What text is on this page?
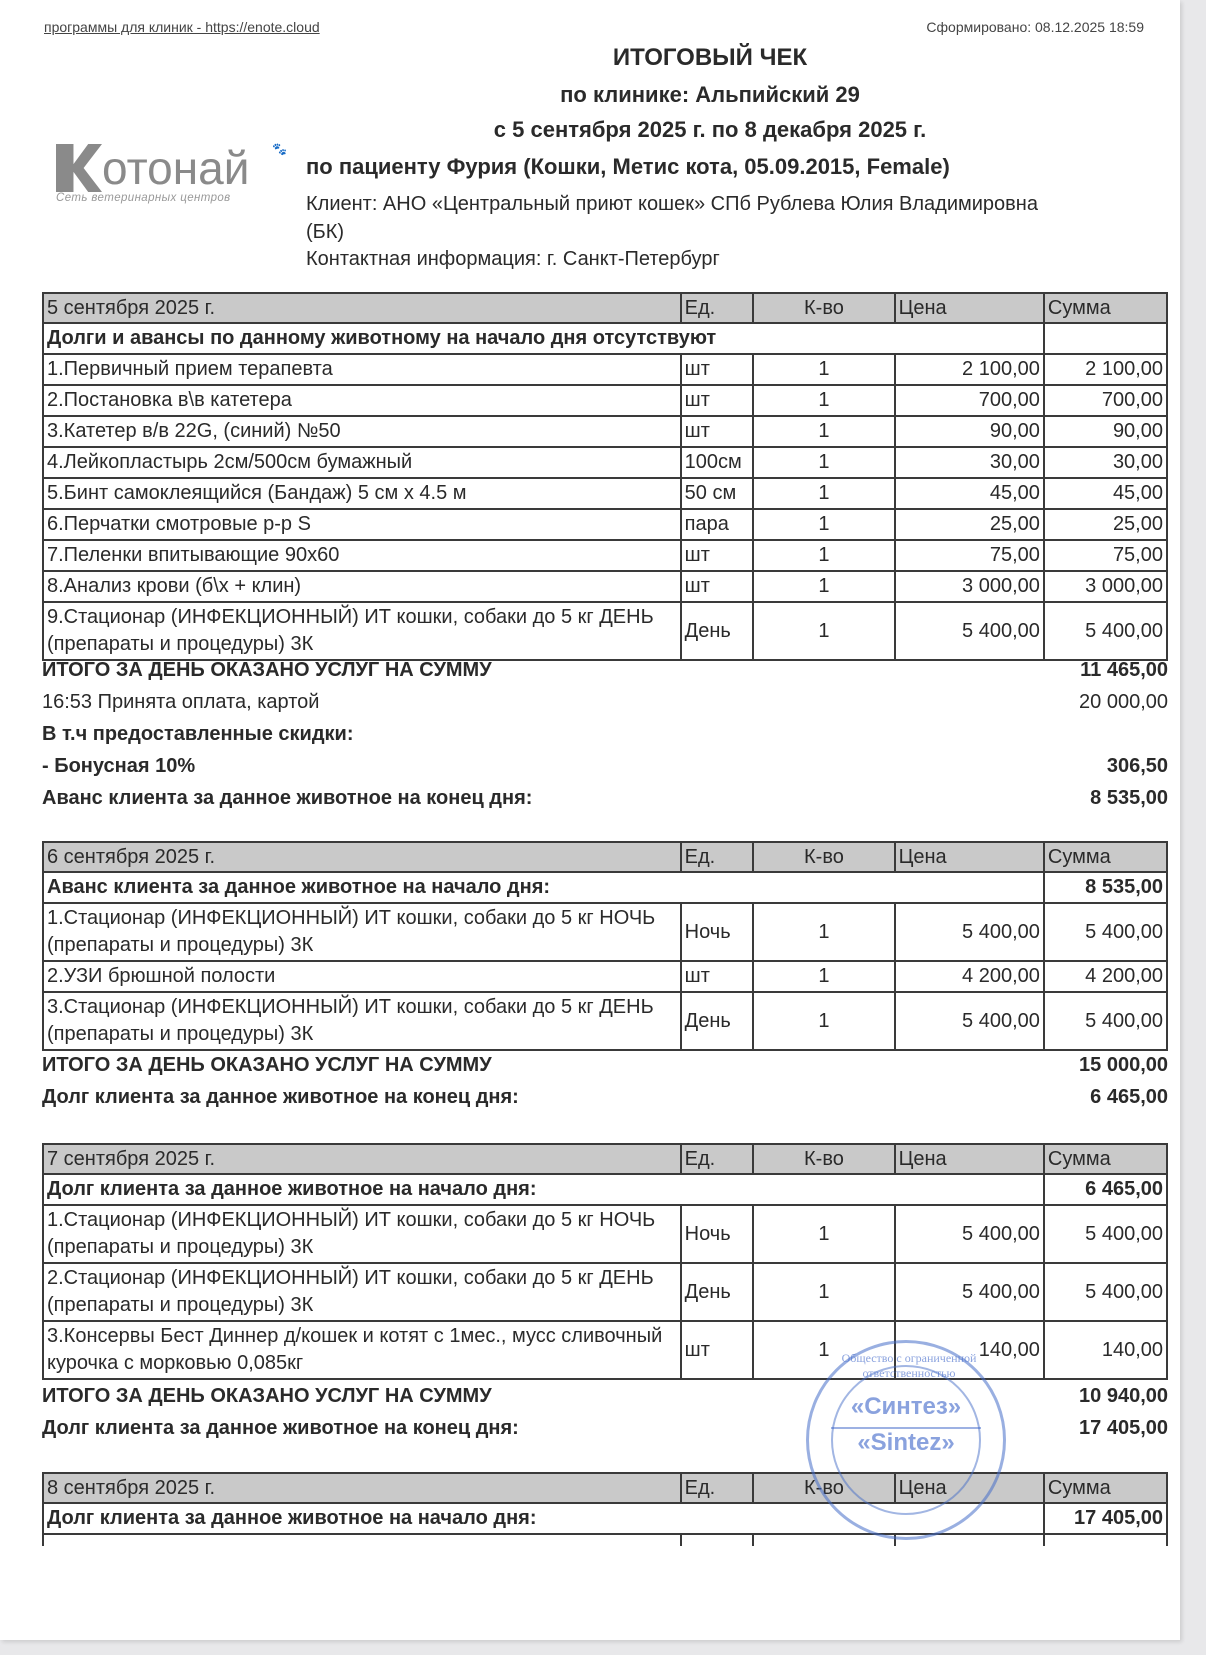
программы для клиник - https://enote.cloud	Сформировано: 08.12.2025 18:59
отонай 🐾
Сеть ветеринарных центров
ИТОГОВЫЙ ЧЕК
по клинике: Альпийский 29
с 5 сентября 2025 г. по 8 декабря 2025 г.
по пациенту Фурия (Кошки, Метис кота, 05.09.2015, Female)
Клиент: АНО «Центральный приют кошек» СПб Рублева Юлия Владимировна (БК)
Контактная информация: г. Санкт-Петербург
5 сентября 2025 г.	Ед.	К-во	Цена	Сумма
Долги и авансы по данному животному на начало дня отсутствуют				
1.Первичный прием терапевта	шт	1	2 100,00	2 100,00
2.Постановка в\в катетера	шт	1	700,00	700,00
3.Катетер в/в 22G, (синий) №50	шт	1	90,00	90,00
4.Лейкопластырь 2см/500см бумажный	100см	1	30,00	30,00
5.Бинт самоклеящийся (Бандаж) 5 см х 4.5 м	50 см	1	45,00	45,00
6.Перчатки смотровые р-р S	пара	1	25,00	25,00
7.Пеленки впитывающие 90х60	шт	1	75,00	75,00
8.Анализ крови (б\х + клин)	шт	1	3 000,00	3 000,00
9.Стационар (ИНФЕКЦИОННЫЙ) ИТ кошки, собаки до 5 кг ДЕНЬ (препараты и процедуры) 3К	День	1	5 400,00	5 400,00
ИТОГО ЗА ДЕНЬ ОКАЗАНО УСЛУГ НА СУММУ	11 465,00
16:53 Принята оплата, картой	20 000,00
В т.ч предоставленные скидки:
- Бонусная 10%	306,50
Аванс клиента за данное животное на конец дня:	8 535,00
6 сентября 2025 г.	Ед.	К-во	Цена	Сумма
Аванс клиента за данное животное на начало дня:				8 535,00
1.Стационар (ИНФЕКЦИОННЫЙ) ИТ кошки, собаки до 5 кг НОЧЬ (препараты и процедуры) 3К	Ночь	1	5 400,00	5 400,00
2.УЗИ брюшной полости	шт	1	4 200,00	4 200,00
3.Стационар (ИНФЕКЦИОННЫЙ) ИТ кошки, собаки до 5 кг ДЕНЬ (препараты и процедуры) 3К	День	1	5 400,00	5 400,00
ИТОГО ЗА ДЕНЬ ОКАЗАНО УСЛУГ НА СУММУ	15 000,00
Долг клиента за данное животное на конец дня:	6 465,00
7 сентября 2025 г.	Ед.	К-во	Цена	Сумма
Долг клиента за данное животное на начало дня:				6 465,00
1.Стационар (ИНФЕКЦИОННЫЙ) ИТ кошки, собаки до 5 кг НОЧЬ (препараты и процедуры) 3К	Ночь	1	5 400,00	5 400,00
2.Стационар (ИНФЕКЦИОННЫЙ) ИТ кошки, собаки до 5 кг ДЕНЬ (препараты и процедуры) 3К	День	1	5 400,00	5 400,00
3.Консервы Бест Диннер д/кошек и котят с 1мес., мусс сливочный курочка с морковью 0,085кг	шт	1	140,00	140,00
ИТОГО ЗА ДЕНЬ ОКАЗАНО УСЛУГ НА СУММУ	10 940,00
Долг клиента за данное животное на конец дня:	17 405,00
8 сентября 2025 г.	Ед.	К-во	Цена	Сумма
Долг клиента за данное животное на начало дня:				17 405,00

Общество с ограниченной ответственностью
«Синтез»
«Sintez»
